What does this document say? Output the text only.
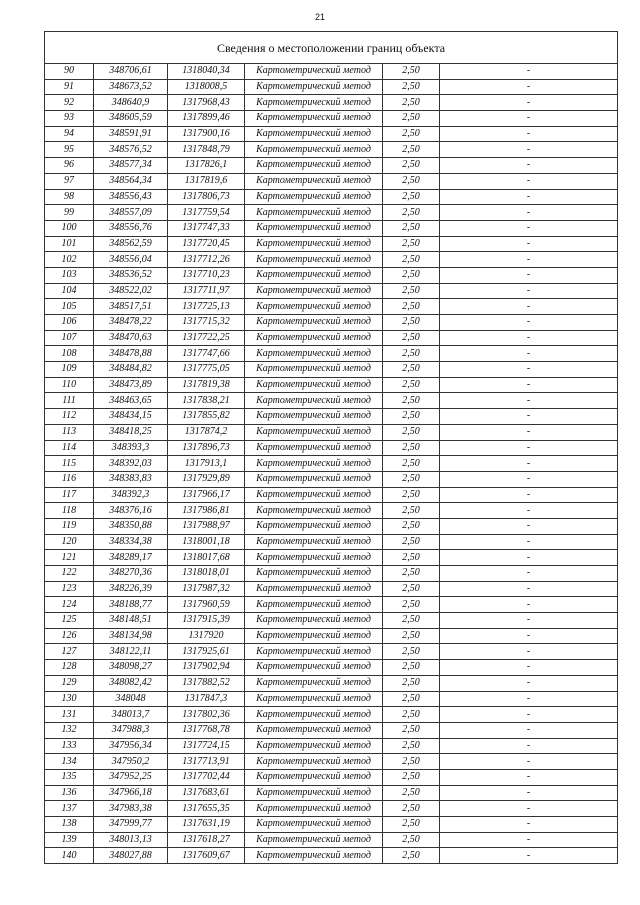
21
Сведения о местоположении границ объекта					
90	348706,61	1318040,34	Картометрический метод	2,50	-
91	348673,52	1318008,5	Картометрический метод	2,50	-
92	348640,9	1317968,43	Картометрический метод	2,50	-
93	348605,59	1317899,46	Картометрический метод	2,50	-
94	348591,91	1317900,16	Картометрический метод	2,50	-
95	348576,52	1317848,79	Картометрический метод	2,50	-
96	348577,34	1317826,1	Картометрический метод	2,50	-
97	348564,34	1317819,6	Картометрический метод	2,50	-
98	348556,43	1317806,73	Картометрический метод	2,50	-
99	348557,09	1317759,54	Картометрический метод	2,50	-
100	348556,76	1317747,33	Картометрический метод	2,50	-
101	348562,59	1317720,45	Картометрический метод	2,50	-
102	348556,04	1317712,26	Картометрический метод	2,50	-
103	348536,52	1317710,23	Картометрический метод	2,50	-
104	348522,02	1317711,97	Картометрический метод	2,50	-
105	348517,51	1317725,13	Картометрический метод	2,50	-
106	348478,22	1317715,32	Картометрический метод	2,50	-
107	348470,63	1317722,25	Картометрический метод	2,50	-
108	348478,88	1317747,66	Картометрический метод	2,50	-
109	348484,82	1317775,05	Картометрический метод	2,50	-
110	348473,89	1317819,38	Картометрический метод	2,50	-
111	348463,65	1317838,21	Картометрический метод	2,50	-
112	348434,15	1317855,82	Картометрический метод	2,50	-
113	348418,25	1317874,2	Картометрический метод	2,50	-
114	348393,3	1317896,73	Картометрический метод	2,50	-
115	348392,03	1317913,1	Картометрический метод	2,50	-
116	348383,83	1317929,89	Картометрический метод	2,50	-
117	348392,3	1317966,17	Картометрический метод	2,50	-
118	348376,16	1317986,81	Картометрический метод	2,50	-
119	348350,88	1317988,97	Картометрический метод	2,50	-
120	348334,38	1318001,18	Картометрический метод	2,50	-
121	348289,17	1318017,68	Картометрический метод	2,50	-
122	348270,36	1318018,01	Картометрический метод	2,50	-
123	348226,39	1317987,32	Картометрический метод	2,50	-
124	348188,77	1317960,59	Картометрический метод	2,50	-
125	348148,51	1317915,39	Картометрический метод	2,50	-
126	348134,98	1317920	Картометрический метод	2,50	-
127	348122,11	1317925,61	Картометрический метод	2,50	-
128	348098,27	1317902,94	Картометрический метод	2,50	-
129	348082,42	1317882,52	Картометрический метод	2,50	-
130	348048	1317847,3	Картометрический метод	2,50	-
131	348013,7	1317802,36	Картометрический метод	2,50	-
132	347988,3	1317768,78	Картометрический метод	2,50	-
133	347956,34	1317724,15	Картометрический метод	2,50	-
134	347950,2	1317713,91	Картометрический метод	2,50	-
135	347952,25	1317702,44	Картометрический метод	2,50	-
136	347966,18	1317683,61	Картометрический метод	2,50	-
137	347983,38	1317655,35	Картометрический метод	2,50	-
138	347999,77	1317631,19	Картометрический метод	2,50	-
139	348013,13	1317618,27	Картометрический метод	2,50	-
140	348027,88	1317609,67	Картометрический метод	2,50	-
